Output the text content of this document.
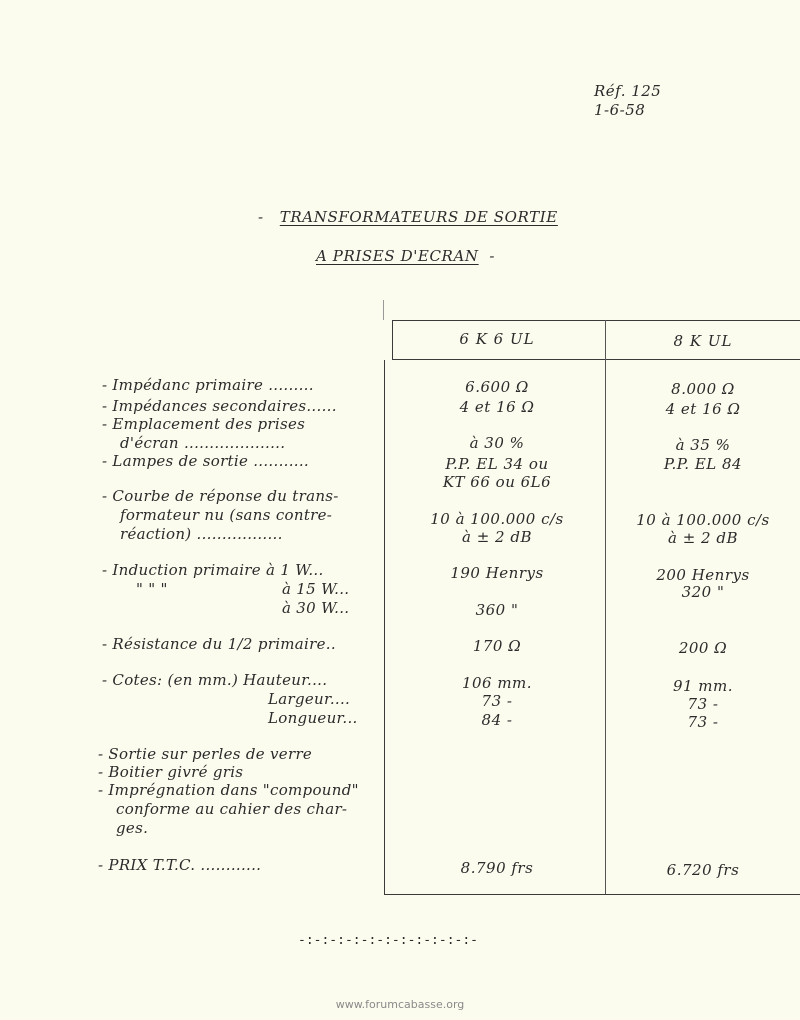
Réf. 125
1-6-58
- TRANSFORMATEURS DE SORTIE
A PRISES D'ECRAN -
6 K 6 UL	8 K UL
- Impédanc primaire .........
- Impédances secondaires......
- Emplacement des prises
d'écran ....................
- Lampes de sortie ...........
- Courbe de réponse du trans-
formateur nu (sans contre-
réaction) .................
- Induction primaire à 1 W...
" " "	à 15 W...
à 30 W...
- Résistance du 1/2 primaire..
- Cotes: (en mm.) Hauteur....
Largeur....
Longueur...
- Sortie sur perles de verre
- Boitier givré gris
- Imprégnation dans "compound"
conforme au cahier des char-
ges.
- PRIX T.T.C. ............
6.600 Ω
4 et 16 Ω
à 30 %
P.P. EL 34 ou
KT 66 ou 6L6
10 à 100.000 c/s
à ± 2 dB
190 Henrys
360 "
170 Ω
106 mm.
73 -
84 -
8.790 frs
8.000 Ω
4 et 16 Ω
à 35 %
P.P. EL 84
10 à 100.000 c/s
à ± 2 dB
200 Henrys
320 "
200 Ω
91 mm.
73 -
73 -
6.720 frs
-:-:-:-:-:-:-:-:-:-:-:-
www.forumcabasse.org
